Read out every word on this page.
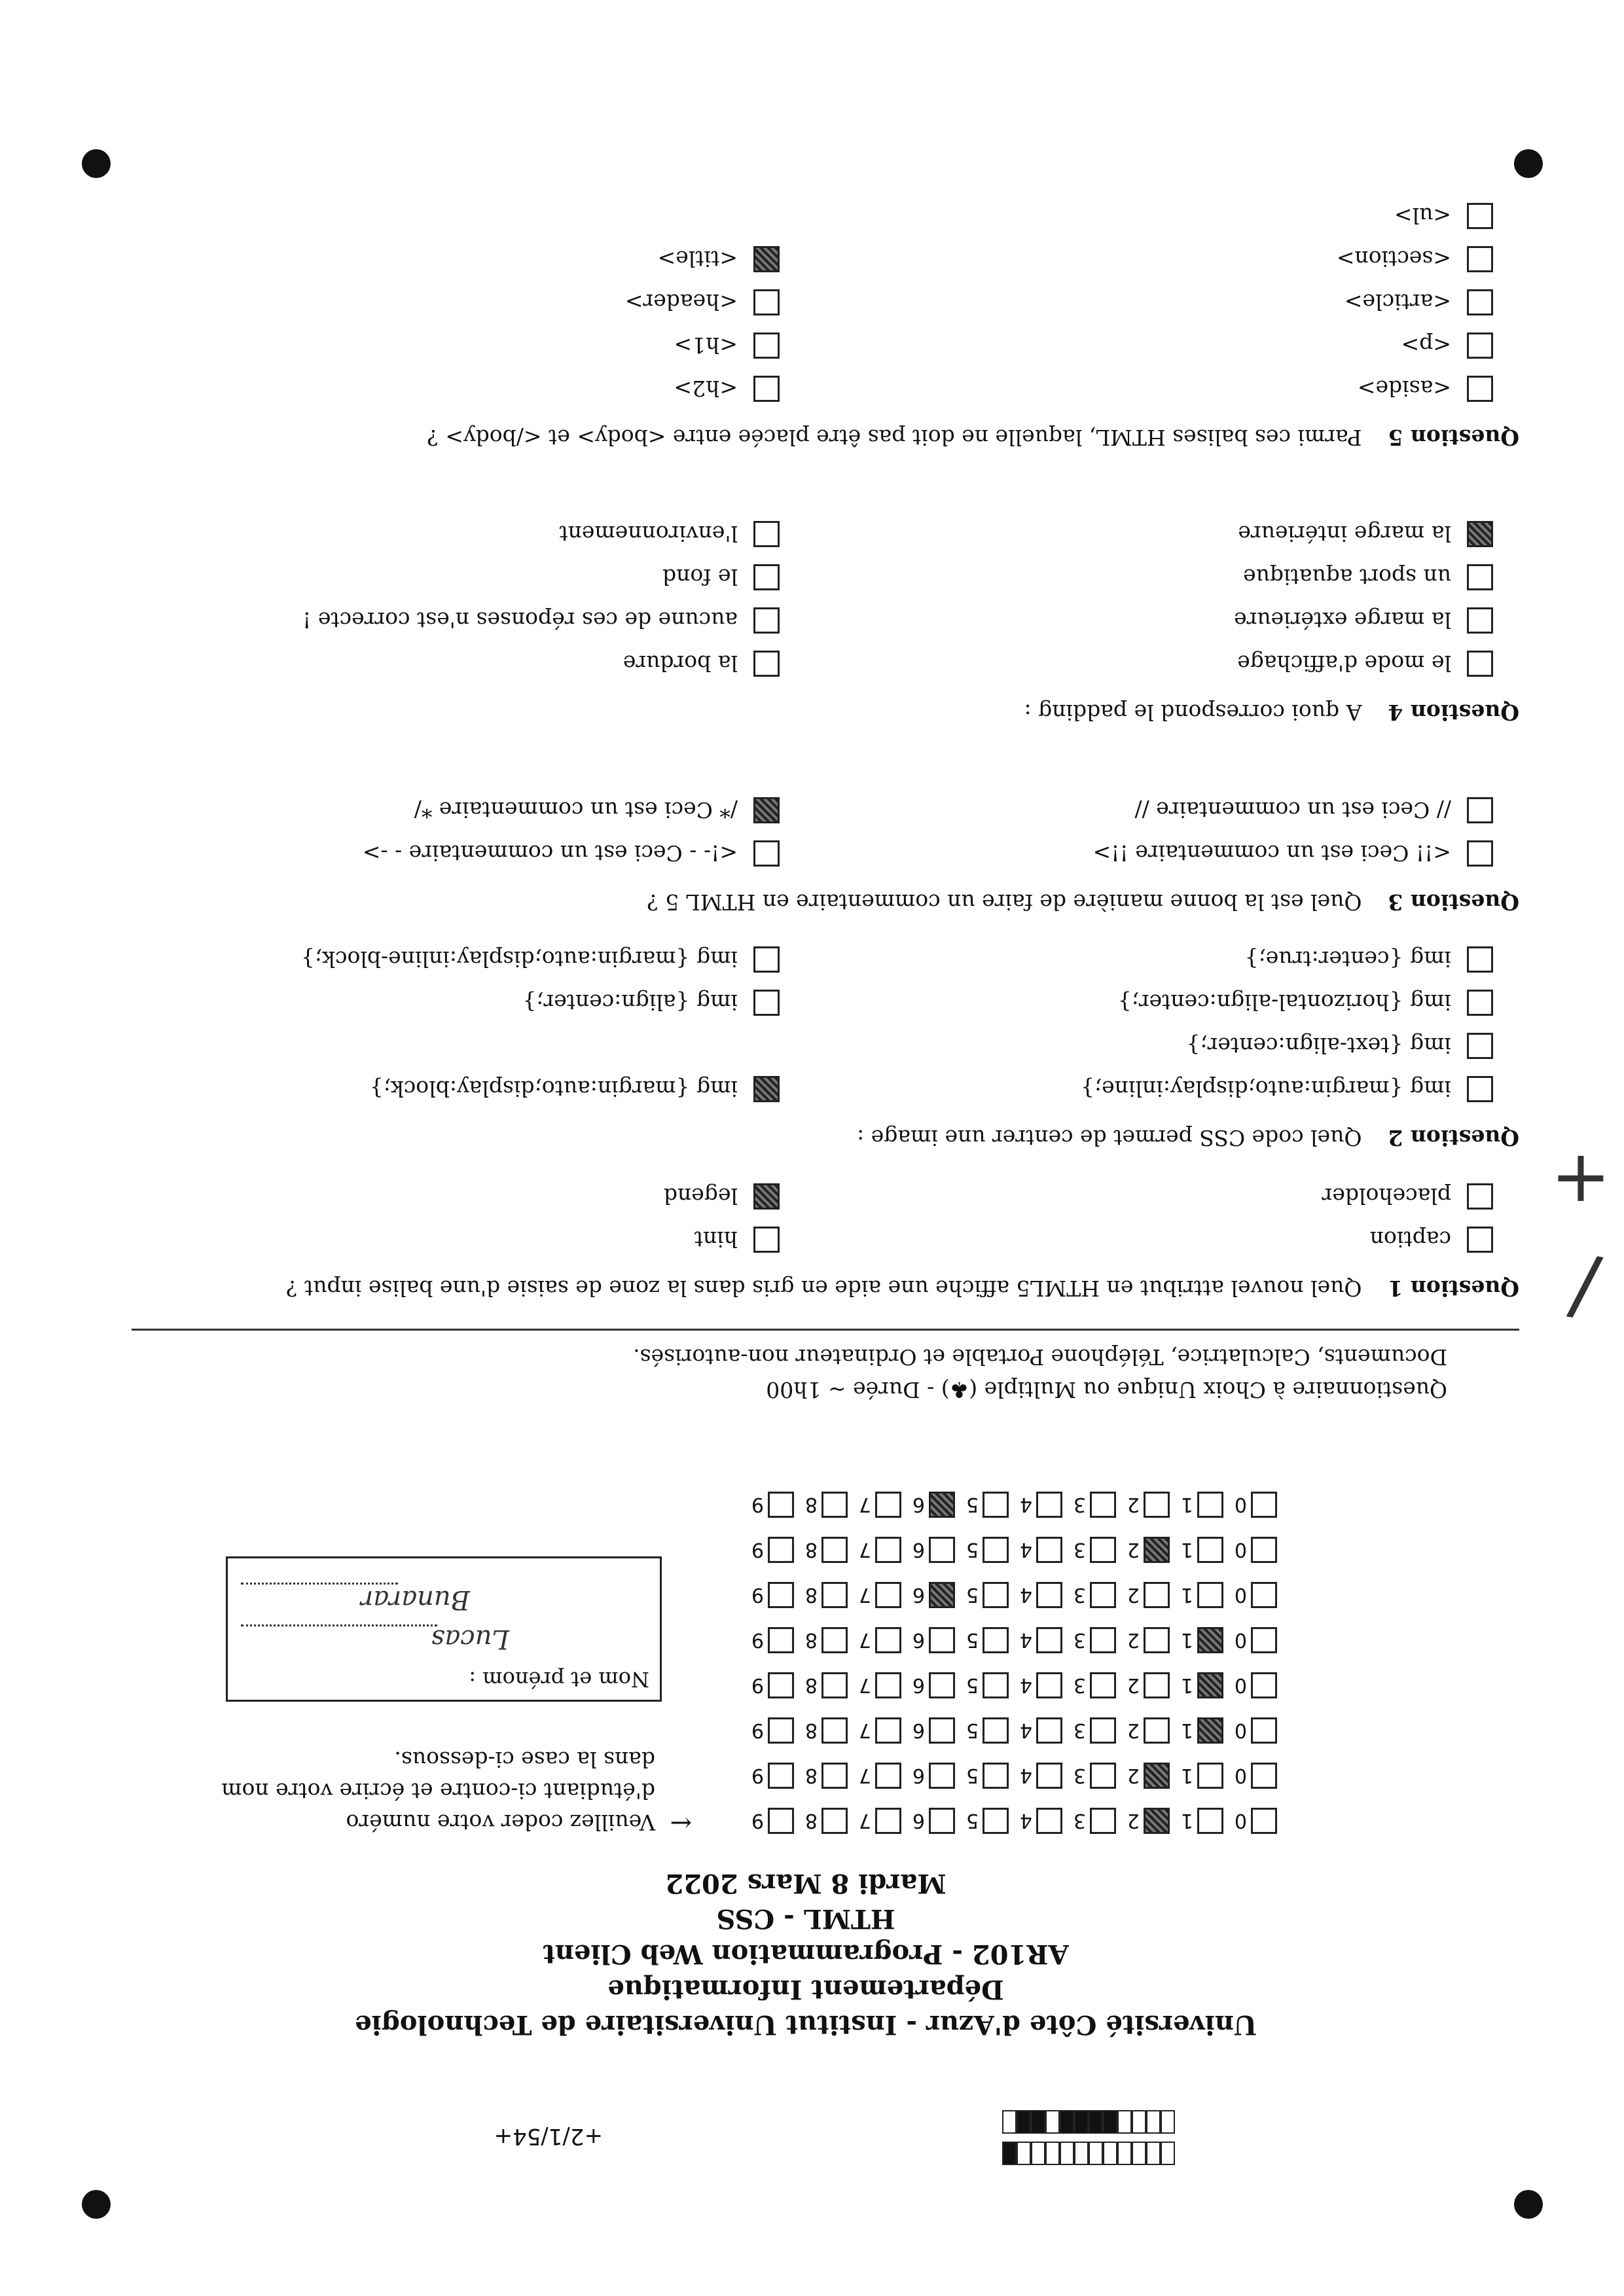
+2/1/54+
Université Côte d'Azur - Institut Universitaire de Technologie
Département Informatique
AR102 - Programmation Web Client
HTML - CSS
Mardi 8 Mars 2022
0
1
2
3
4
5
6
7
8
9
0
1
2
3
4
5
6
7
8
9
0
1
2
3
4
5
6
7
8
9
0
1
2
3
4
5
6
7
8
9
0
1
2
3
4
5
6
7
8
9
0
1
2
3
4
5
6
7
8
9
0
1
2
3
4
5
6
7
8
9
0
1
2
3
4
5
6
7
8
9
←
Veuillez coder votre numéro
d'étudiant ci-contre et écrire votre nom
dans la case ci-dessous.
Nom et prénom :
Lucas
Bunarar
Questionnaire à Choix Unique ou Multiple (♣) - Durée ~ 1h00
Documents, Calculatrice, Téléphone Portable et Ordinateur non-autorisés.
Question 1Quel nouvel attribut en HTML5 affiche une aide en gris dans la zone de saisie d'une balise input ?
caption
hint
placeholder
legend
Question 2Quel code CSS permet de centrer une image :
img {margin:auto;display:inline;}
img {margin:auto;display:block;}
img {text-align:center;}
img {horizontal-align:center;}
img {align:center;}
img {center:true;}
img {margin:auto;display:inline-block;}
Question 3Quel est la bonne manière de faire un commentaire en HTML 5 ?
<!! Ceci est un commentaire !!>
<!- - Ceci est un commentaire - ->
// Ceci est un commentaire //
/* Ceci est un commentaire */
Question 4A quoi correspond le padding :
le mode d'affichage
la bordure
la marge extérieure
aucune de ces réponses n'est correcte !
un sport aquatique
le fond
la marge intérieure
l'environnement
Question 5Parmi ces balises HTML, laquelle ne doit pas être placée entre <body> et </body> ?
<aside>
<h2>
<p>
<h1>
<article>
<header>
<section>
<title>
<ul>
/
+
